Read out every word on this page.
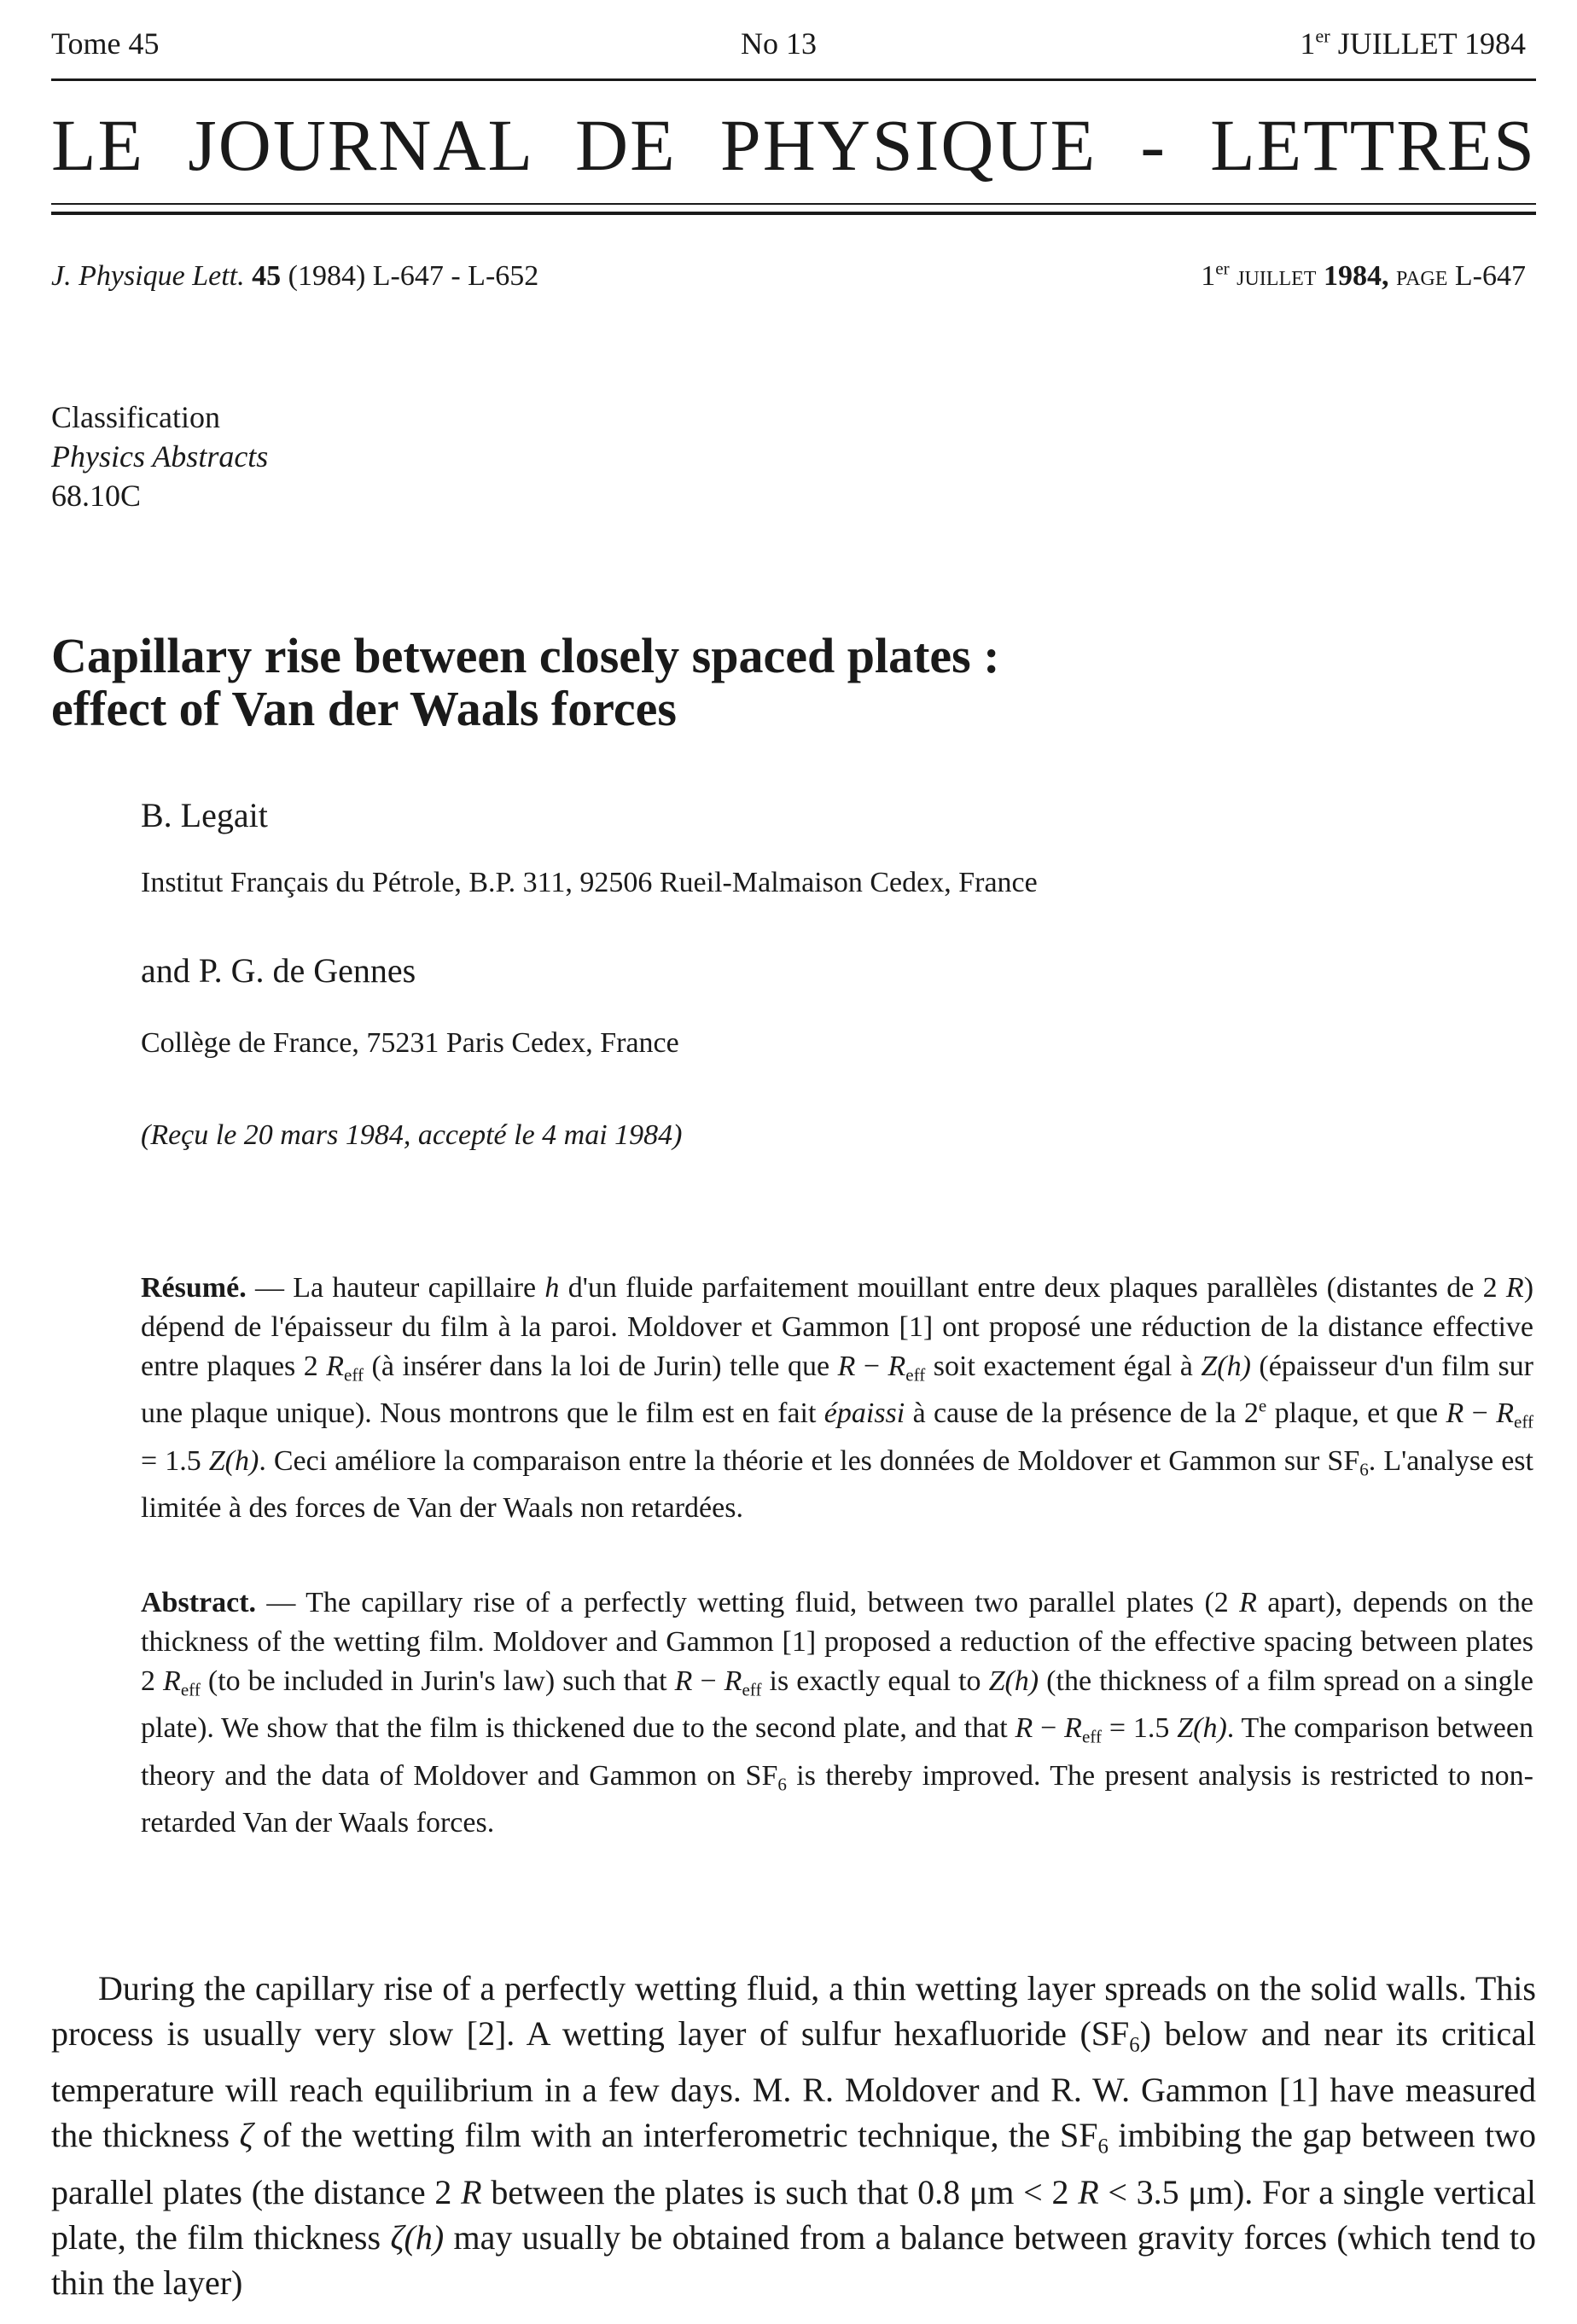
Tome 45	No 13	1er JUILLET 1984
LE JOURNAL DE PHYSIQUE - LETTRES
J. Physique Lett. 45 (1984) L-647 - L-652	1er juillet 1984, page L-647
Classification
Physics Abstracts
68.10C
Capillary rise between closely spaced plates :
effect of Van der Waals forces
B. Legait
Institut Français du Pétrole, B.P. 311, 92506 Rueil-Malmaison Cedex, France
and P. G. de Gennes
Collège de France, 75231 Paris Cedex, France
(Reçu le 20 mars 1984, accepté le 4 mai 1984)
Résumé. — La hauteur capillaire h d'un fluide parfaitement mouillant entre deux plaques parallèles (distantes de 2 R) dépend de l'épaisseur du film à la paroi. Moldover et Gammon [1] ont proposé une réduction de la distance effective entre plaques 2 $R_{eff}$ (à insérer dans la loi de Jurin) telle que $R - R_{eff}$ soit exactement égal à Z(h) (épaisseur d'un film sur une plaque unique). Nous montrons que le film est en fait épaissi à cause de la présence de la 2e plaque, et que $R - R_{eff} = 1.5$ Z(h). Ceci améliore la comparaison entre la théorie et les données de Moldover et Gammon sur $SF_6$. L'analyse est limitée à des forces de Van der Waals non retardées.
Abstract. — The capillary rise of a perfectly wetting fluid, between two parallel plates (2 R apart), depends on the thickness of the wetting film. Moldover and Gammon [1] proposed a reduction of the effective spacing between plates 2 $R_{eff}$ (to be included in Jurin's law) such that $R - R_{eff}$ is exactly equal to Z(h) (the thickness of a film spread on a single plate). We show that the film is thickened due to the second plate, and that $R - R_{eff} = 1.5$ Z(h). The comparison between theory and the data of Moldover and Gammon on $SF_6$ is thereby improved. The present analysis is restricted to non-retarded Van der Waals forces.
During the capillary rise of a perfectly wetting fluid, a thin wetting layer spreads on the solid walls. This process is usually very slow [2]. A wetting layer of sulfur hexafluoride $(SF_6)$ below and near its critical temperature will reach equilibrium in a few days. M. R. Moldover and R. W. Gammon [1] have measured the thickness ζ of the wetting film with an interferometric technique, the $SF_6$ imbibing the gap between two parallel plates (the distance 2 R between the plates is such that 0.8 μm < 2 R < 3.5 μm). For a single vertical plate, the film thickness ζ(h) may usually be obtained from a balance between gravity forces (which tend to thin the layer)
